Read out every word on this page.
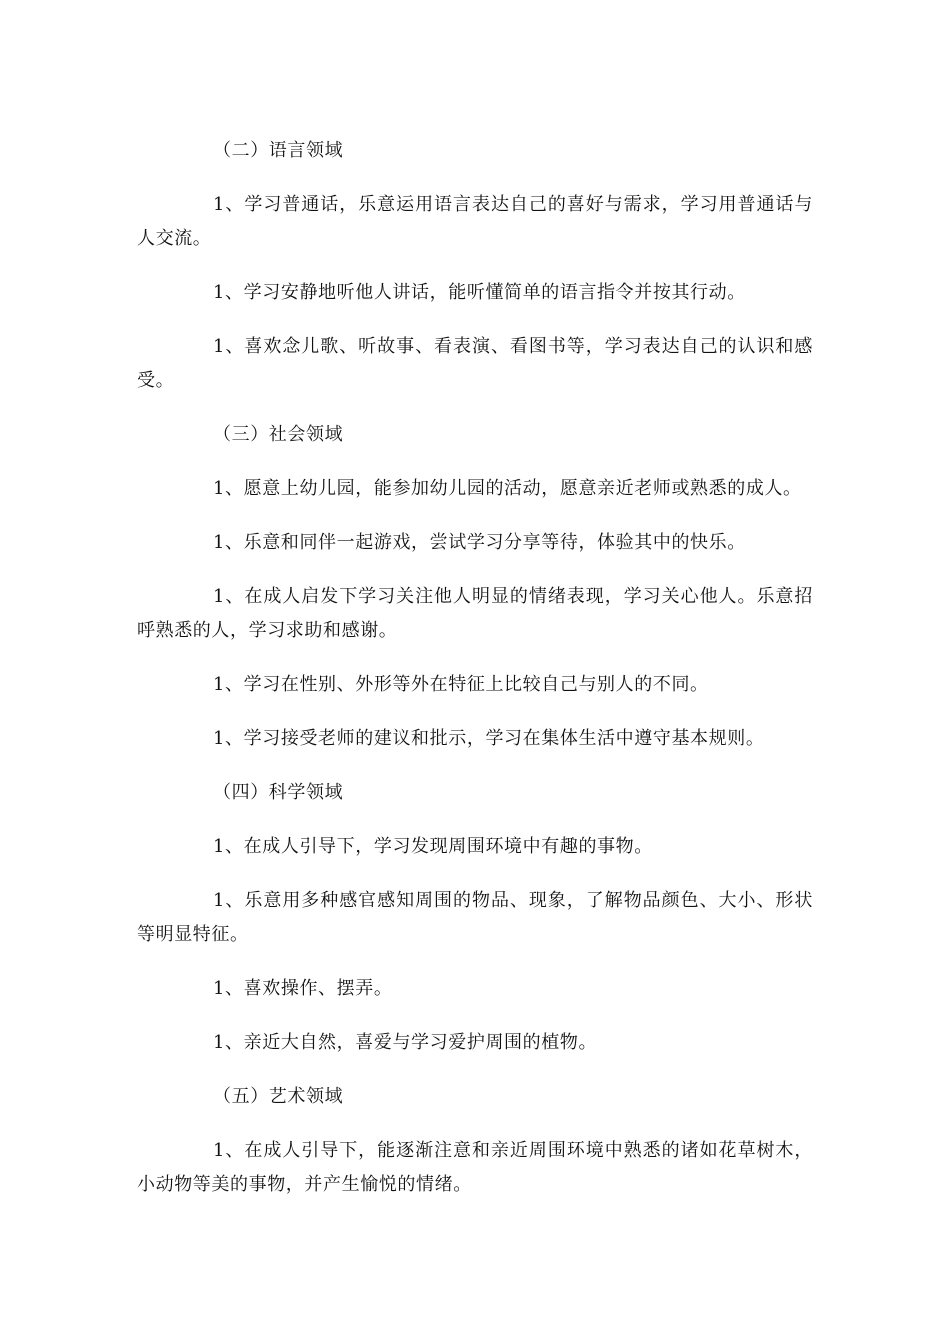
（二）语言领域

1、学习普通话，乐意运用语言表达自己的喜好与需求，学习用普通话与人交流。

1、学习安静地听他人讲话，能听懂简单的语言指令并按其行动。

1、喜欢念儿歌、听故事、看表演、看图书等，学习表达自己的认识和感受。

（三）社会领域

1、愿意上幼儿园，能参加幼儿园的活动，愿意亲近老师或熟悉的成人。

1、乐意和同伴一起游戏，尝试学习分享等待，体验其中的快乐。

1、在成人启发下学习关注他人明显的情绪表现，学习关心他人。乐意招呼熟悉的人，学习求助和感谢。

1、学习在性别、外形等外在特征上比较自己与别人的不同。

1、学习接受老师的建议和批示，学习在集体生活中遵守基本规则。

（四）科学领域

1、在成人引导下，学习发现周围环境中有趣的事物。

1、乐意用多种感官感知周围的物品、现象，了解物品颜色、大小、形状等明显特征。

1、喜欢操作、摆弄。

1、亲近大自然，喜爱与学习爱护周围的植物。

（五）艺术领域

1、在成人引导下，能逐渐注意和亲近周围环境中熟悉的诸如花草树木，小动物等美的事物，并产生愉悦的情绪。
